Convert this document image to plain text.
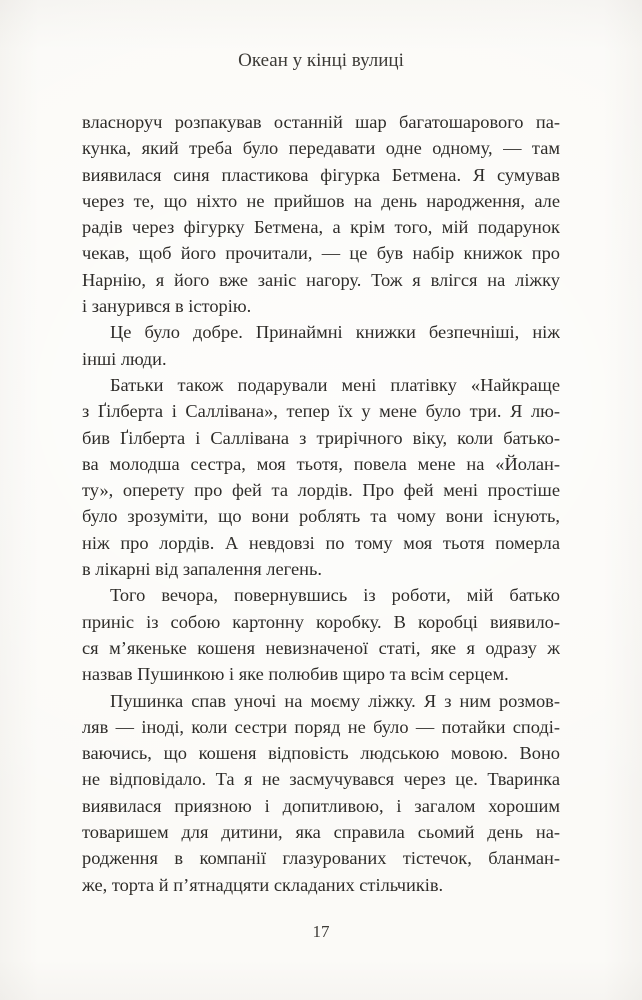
Океан у кінці вулиці
власноруч розпакував останній шар багатошарового па-
кунка, який треба було передавати одне одному, — там
виявилася синя пластикова фігурка Бетмена. Я сумував
через те, що ніхто не прийшов на день народження, але
радів через фігурку Бетмена, а крім того, мій подарунок
чекав, щоб його прочитали, — це був набір книжок про
Нарнію, я його вже заніс нагору. Тож я влігся на ліжку
і занурився в історію.
Це було добре. Принаймні книжки безпечніші, ніж
інші люди.
Батьки також подарували мені платівку «Найкраще
з Ґілберта і Саллівана», тепер їх у мене було три. Я лю-
бив Ґілберта і Саллівана з трирічного віку, коли батько-
ва молодша сестра, моя тьотя, повела мене на «Йолан-
ту», оперету про фей та лордів. Про фей мені простіше
було зрозуміти, що вони роблять та чому вони існують,
ніж про лордів. А невдовзі по тому моя тьотя померла
в лікарні від запалення легень.
Того вечора, повернувшись із роботи, мій батько
приніс із собою картонну коробку. В коробці виявило-
ся мʼякеньке кошеня невизначеної статі, яке я одразу ж
назвав Пушинкою і яке полюбив щиро та всім серцем.
Пушинка спав уночі на моєму ліжку. Я з ним розмов-
ляв — іноді, коли сестри поряд не було — потайки споді-
ваючись, що кошеня відповість людською мовою. Воно
не відповідало. Та я не засмучувався через це. Тваринка
виявилася приязною і допитливою, і загалом хорошим
товаришем для дитини, яка справила сьомий день на-
родження в компанії глазурованих тістечок, бланман-
же, торта й пʼятнадцяти складаних стільчиків.
17
